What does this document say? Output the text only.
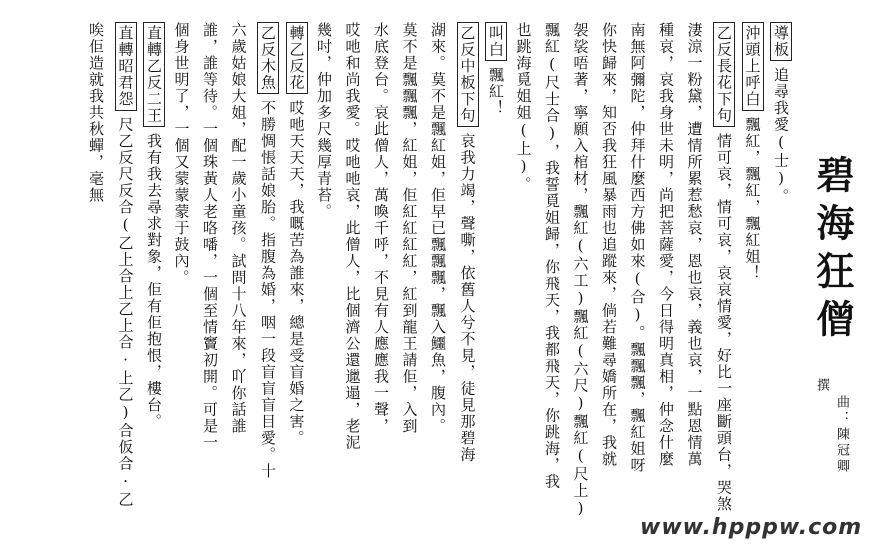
碧海狂僧
撰
曲：陳冠卿
導板追尋我愛(士)。
沖頭上呼白飄紅，飄紅，飄紅姐！
乙反長花下句情可哀，情可哀，哀哀情愛，好比一座斷頭台，哭煞
淒涼一粉黛，遭情所累惹愁哀，恩也哀，義也哀，一點恩情萬
種哀，哀我身世未明，尚把菩薩愛，今日得明真相，仲念什麼
南無阿彌陀，仲拜什麼西方佛如來(合)。飄飄飄，飄紅姐呀
你快歸來，知否我狂風暴雨也追蹤來，倘若難尋嬌所在，我就
袈裟唔著，寧願入棺材，飄紅(六工)飄紅(六尺)飄紅(尺上)
飄紅(尺士合)，我誓覓姐歸，你飛天，我都飛天，你跳海，我
也跳海覓姐姐(上)。
叫白飄紅！
乙反中板下句哀我力竭，聲嘶，依舊人兮不見，徒見那碧海
湖來。莫不是飄紅姐，佢早已飄飄飄，飄入鱷魚，腹內。
莫不是飄飄飄，紅姐，佢紅紅紅紅，紅到龍王請佢，入到
水底登台。哀此僧人，萬喚千呼，不見有人應應我一聲，
哎吔和尚我愛。哎吔吔哀，此僧人，比個濟公還邋遢，老泥
幾吋，仲加多尺幾厚青苔。
轉乙反花哎吔天天天，我嘅苦為誰來，總是受盲婚之害。
乙反木魚不勝惆悵話娘胎。指腹為婚，咽一段盲盲盲目愛。十
六歲姑娘大姐，配一歲小童孩。試問十八年來，吖你話誰
誰，誰等待。一個珠黃人老咯噃，一個至情竇初開。可是一
個身世明了，一個又蒙蒙蒙于鼓內。
直轉乙反二王我有我去尋求對象，佢有佢抱恨，樓台。
直轉昭君怨尺乙反尺反合(乙上合上乙上合·上乙)合仮合·乙
唉佢造就我共秋蟬，毫無
www.hpppw.com
